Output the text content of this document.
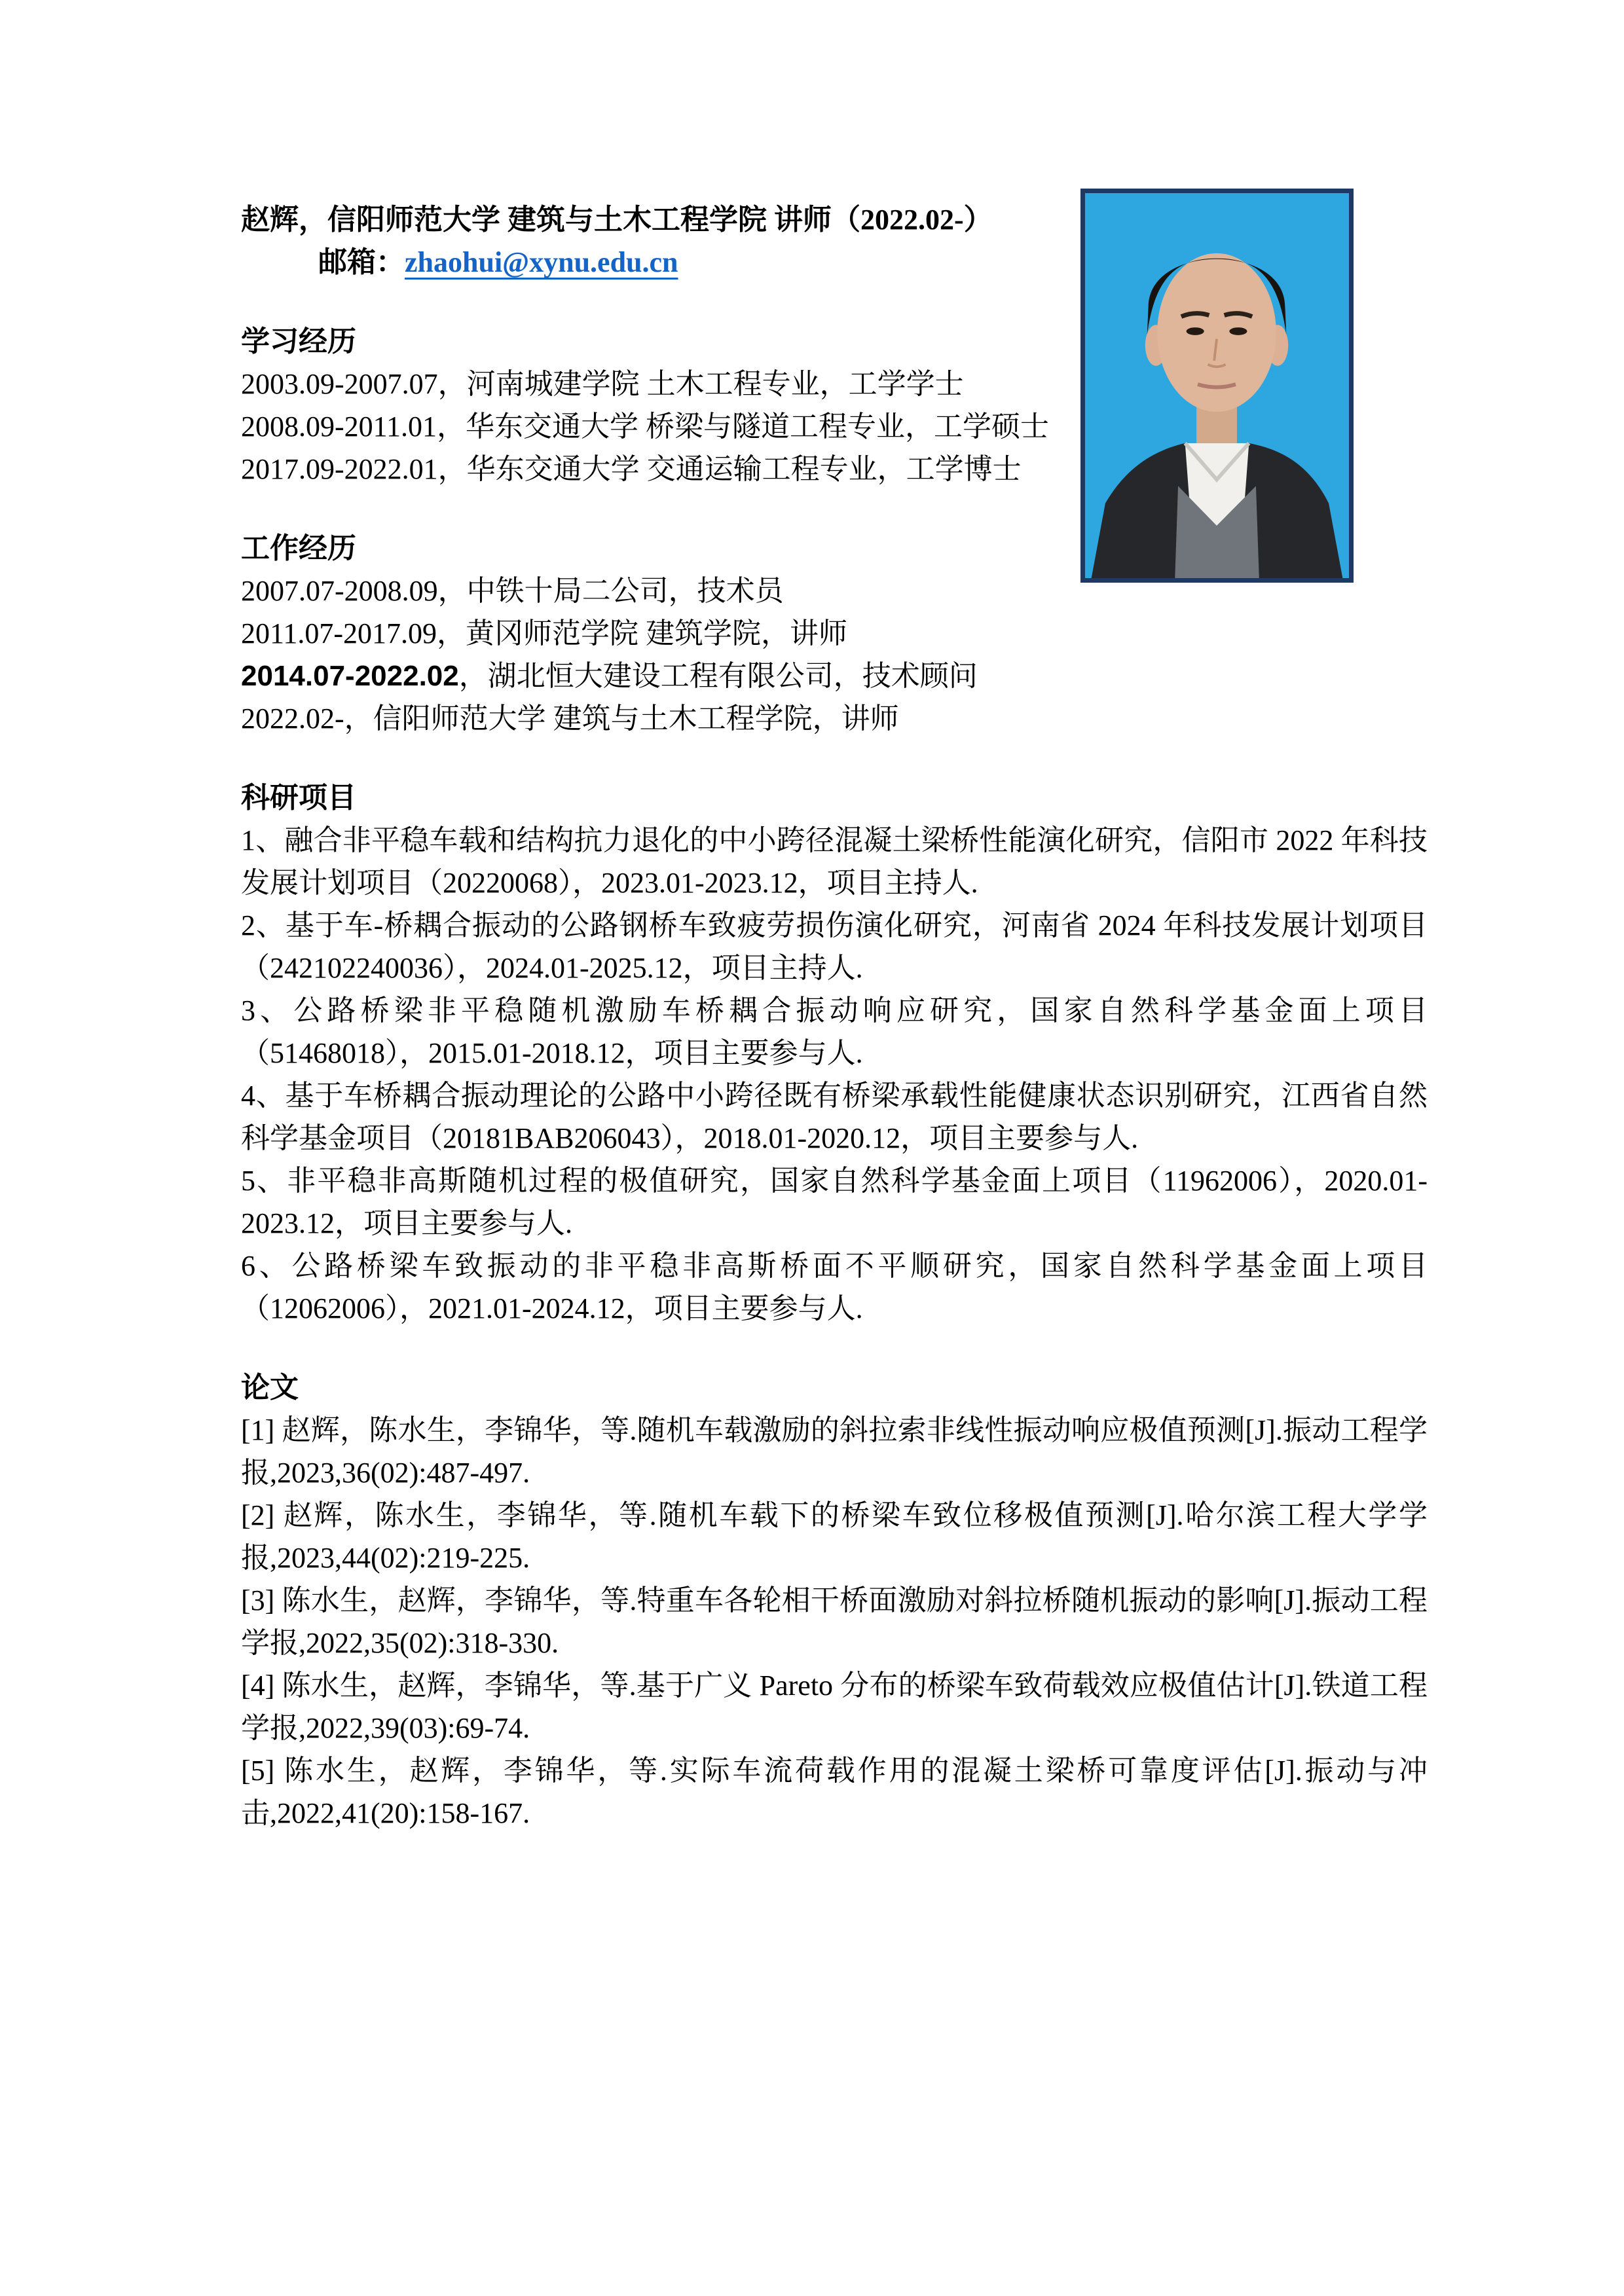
赵辉，信阳师范大学 建筑与土木工程学院 讲师（2022.02-）

邮箱：zhaohui@xynu.edu.cn

学习经历

2003.09-2007.07，河南城建学院 土木工程专业，工学学士

2008.09-2011.01，华东交通大学 桥梁与隧道工程专业，工学硕士

2017.09-2022.01，华东交通大学 交通运输工程专业，工学博士

工作经历

2007.07-2008.09，中铁十局二公司，技术员

2011.07-2017.09，黄冈师范学院 建筑学院，讲师

2014.07-2022.02，湖北恒大建设工程有限公司，技术顾问

2022.02-，信阳师范大学 建筑与土木工程学院，讲师

科研项目

1、融合非平稳车载和结构抗力退化的中小跨径混凝土梁桥性能演化研究，信阳市 2022 年科技发展计划项目（20220068），2023.01-2023.12，项目主持人.

2、基于车-桥耦合振动的公路钢桥车致疲劳损伤演化研究，河南省 2024 年科技发展计划项目（242102240036），2024.01-2025.12，项目主持人.

3、公路桥梁非平稳随机激励车桥耦合振动响应研究，国家自然科学基金面上项目（51468018），2015.01-2018.12，项目主要参与人.

4、基于车桥耦合振动理论的公路中小跨径既有桥梁承载性能健康状态识别研究，江西省自然科学基金项目（20181BAB206043），2018.01-2020.12，项目主要参与人.

5、非平稳非高斯随机过程的极值研究，国家自然科学基金面上项目（11962006），2020.01-2023.12，项目主要参与人.

6、公路桥梁车致振动的非平稳非高斯桥面不平顺研究，国家自然科学基金面上项目（12062006），2021.01-2024.12，项目主要参与人.

论文

[1] 赵辉，陈水生，李锦华，等.随机车载激励的斜拉索非线性振动响应极值预测[J].振动工程学报,2023,36(02):487-497.

[2] 赵辉，陈水生，李锦华，等.随机车载下的桥梁车致位移极值预测[J].哈尔滨工程大学学报,2023,44(02):219-225.

[3] 陈水生，赵辉，李锦华，等.特重车各轮相干桥面激励对斜拉桥随机振动的影响[J].振动工程学报,2022,35(02):318-330.

[4] 陈水生，赵辉，李锦华，等.基于广义 Pareto 分布的桥梁车致荷载效应极值估计[J].铁道工程学报,2022,39(03):69-74.

[5] 陈水生，赵辉，李锦华，等.实际车流荷载作用的混凝土梁桥可靠度评估[J].振动与冲击,2022,41(20):158-167.
